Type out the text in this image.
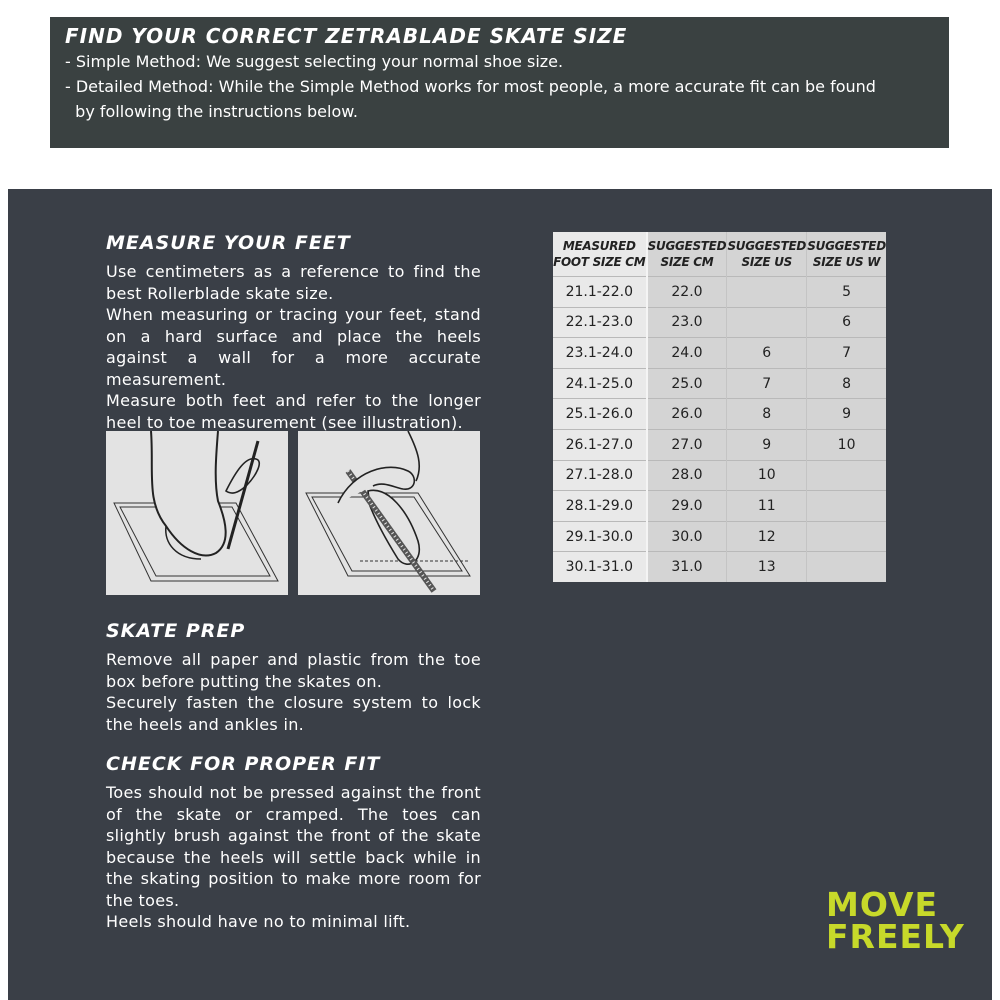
FIND YOUR CORRECT ZETRABLADE SKATE SIZE

- Simple Method: We suggest selecting your normal shoe size.

- Detailed Method: While the Simple Method works for most people, a more accurate fit can be found

by following the instructions below.

MEASURE YOUR FEET

Use centimeters as a reference to find the best Rollerblade skate size.

When measuring or tracing your feet, stand on a hard surface and place the heels against a wall for a more accurate measurement.

Measure both feet and refer to the longer heel to toe measurement (see illustration).

SKATE PREP

Remove all paper and plastic from the toe box before putting the skates on.

Securely fasten the closure system to lock the heels and ankles in.

CHECK FOR PROPER FIT

Toes should not be pressed against the front of the skate or cramped. The toes can slightly brush against the front of the skate because the heels will settle back while in the skating position to make more room for the toes.

Heels should have no to minimal lift.

MEASURED
FOOT SIZE CM	SUGGESTED
SIZE CM	SUGGESTED
SIZE US	SUGGESTED
SIZE US W
21.1-22.0	22.0		5
22.1-23.0	23.0		6
23.1-24.0	24.0	6	7
24.1-25.0	25.0	7	8
25.1-26.0	26.0	8	9
26.1-27.0	27.0	9	10
27.1-28.0	28.0	10	
28.1-29.0	29.0	11	
29.1-30.0	30.0	12	
30.1-31.0	31.0	13	
MOVE
FREELY
